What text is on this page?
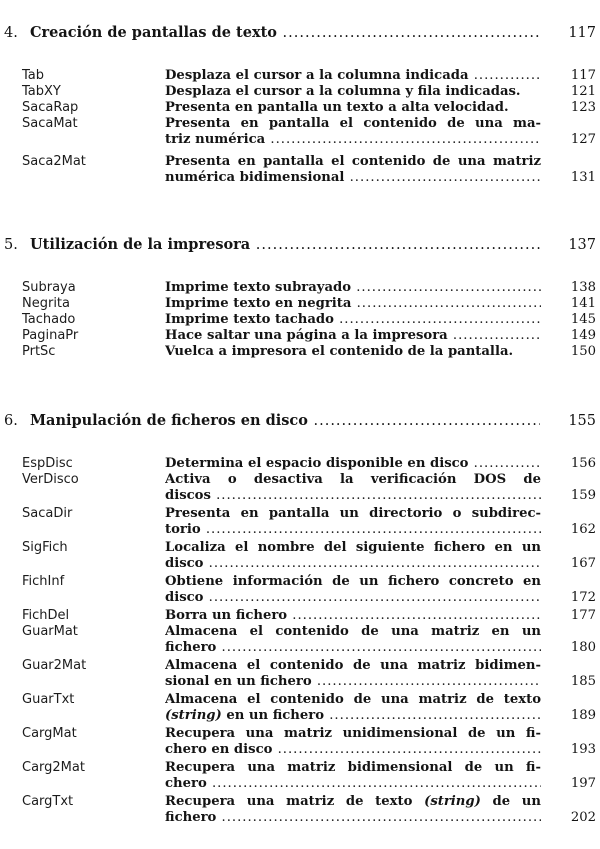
4. Creación de pantallas de texto .....	117
Tab	Desplaza el cursor a la columna indicada .....	117
TabXY	Desplaza el cursor a la columna y fila indicadas.	121
SacaRap	Presenta en pantalla un texto a alta velocidad.	123
SacaMat	Presenta en pantalla el contenido de una ma-
triz numérica .....	127
Saca2Mat	Presenta en pantalla el contenido de una matriz
numérica bidimensional .....	131
5. Utilización de la impresora .....	137
Subraya	Imprime texto subrayado .....	138
Negrita	Imprime texto en negrita .....	141
Tachado	Imprime texto tachado .....	145
PaginaPr	Hace saltar una página a la impresora .....	149
PrtSc	Vuelca a impresora el contenido de la pantalla.	150
6. Manipulación de ficheros en disco .....	155
EspDisc	Determina el espacio disponible en disco .....	156
VerDisco	Activa o desactiva la verificación DOS de
discos .....	159
SacaDir	Presenta en pantalla un directorio o subdirec-
torio .....	162
SigFich	Localiza el nombre del siguiente fichero en un
disco .....	167
FichInf	Obtiene información de un fichero concreto en
disco .....	172
FichDel	Borra un fichero .....	177
GuarMat	Almacena el contenido de una matriz en un
fichero .....	180
Guar2Mat	Almacena el contenido de una matriz bidimen-
sional en un fichero .....	185
GuarTxt	Almacena el contenido de una matriz de texto
(string) en un fichero .....	189
CargMat	Recupera una matriz unidimensional de un fi-
chero en disco .....	193
Carg2Mat	Recupera una matriz bidimensional de un fi-
chero .....	197
CargTxt	Recupera una matriz de texto (string) de un
fichero .....	202
